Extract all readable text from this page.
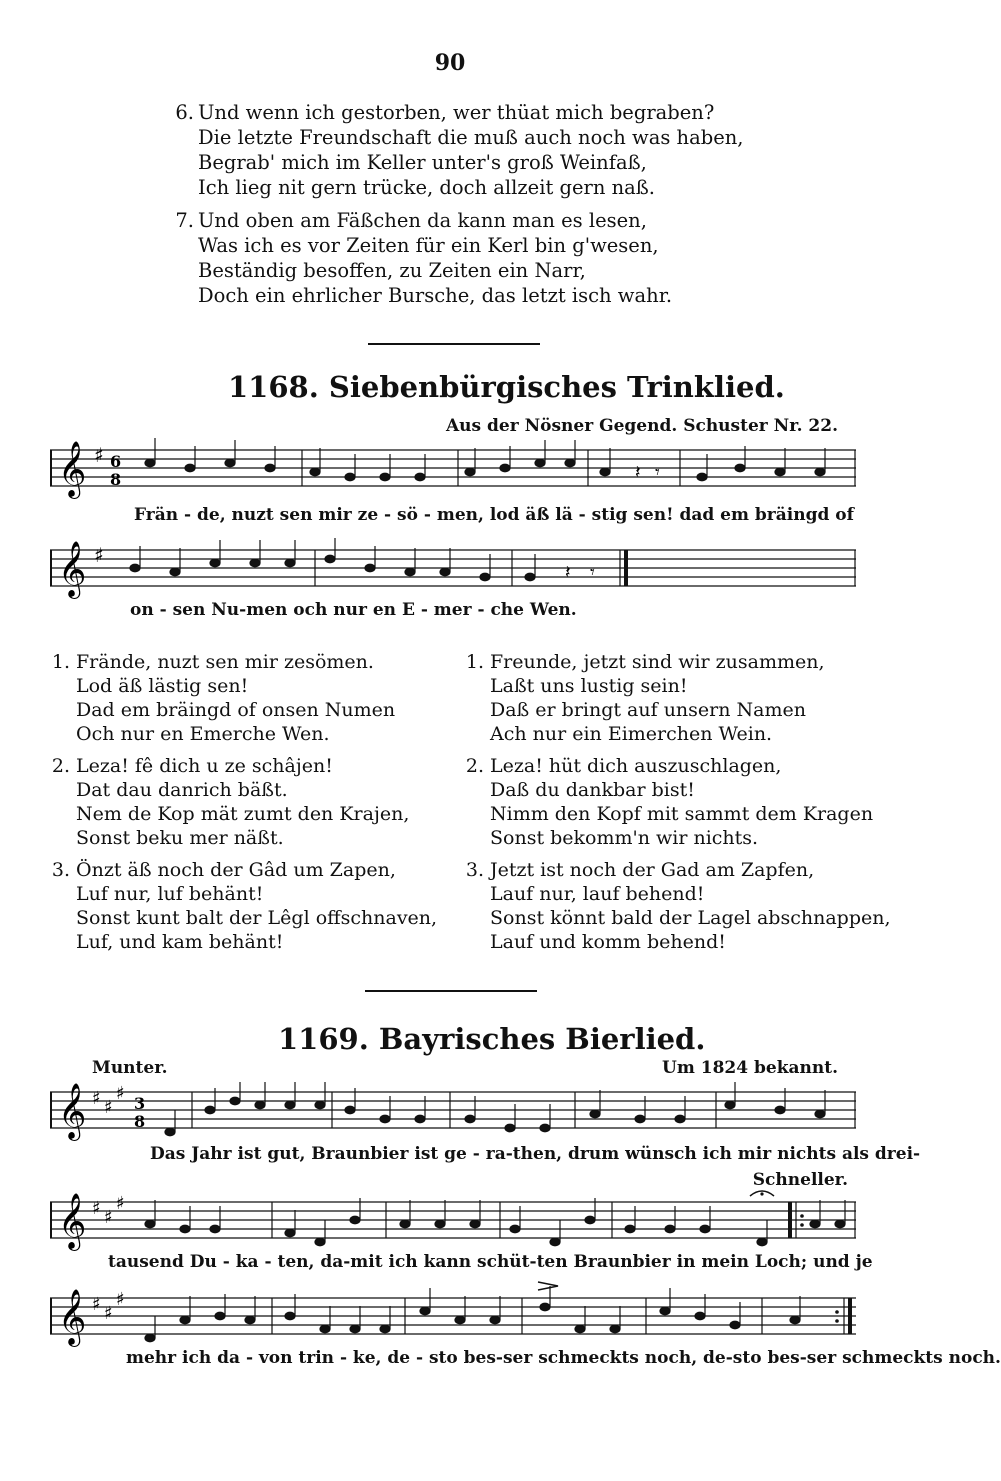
90
6. Und wenn ich gestorben, wer thüat mich begraben?
Die letzte Freundschaft die muß auch noch was haben,
Begrab' mich im Keller unter's groß Weinfaß,
Ich lieg nit gern trücke, doch allzeit gern naß.
7. Und oben am Fäßchen da kann man es lesen,
Was ich es vor Zeiten für ein Kerl bin g'wesen,
Beständig besoffen, zu Zeiten ein Narr,
Doch ein ehrlicher Bursche, das letzt isch wahr.
1168. Siebenbürgisches Trinklied.
Aus der Nösner Gegend. Schuster Nr. 22.
𝄞 ♯ 6
8	𝄽 𝄾
Frän - de, nuzt sen mir ze - sö - men, lod äß lä - stig sen! dad em bräingd of
𝄞 ♯
𝄽 𝄾
on - sen Nu-men och nur en E - mer - che Wen.
1. Frände, nuzt sen mir zesömen.
Lod äß lästig sen!
Dad em bräingd of onsen Numen
Och nur en Emerche Wen.
2. Leza! fê dich u ze schâjen!
Dat dau danrich bäßt.
Nem de Kop mät zumt den Krajen,
Sonst beku mer näßt.
3. Önzt äß noch der Gâd um Zapen,
Luf nur, luf behänt!
Sonst kunt balt der Lêgl offschnaven,
Luf, und kam behänt!
1. Freunde, jetzt sind wir zusammen,
Laßt uns lustig sein!
Daß er bringt auf unsern Namen
Ach nur ein Eimerchen Wein.
2. Leza! hüt dich auszuschlagen,
Daß du dankbar bist!
Nimm den Kopf mit sammt dem Kragen
Sonst bekomm'n wir nichts.
3. Jetzt ist noch der Gad am Zapfen,
Lauf nur, lauf behend!
Sonst könnt bald der Lagel abschnappen,
Lauf und komm behend!
1169. Bayrisches Bierlied.
Munter.	Um 1824 bekannt.
𝄞 ♯ ♯
♯ 3
8
Das Jahr ist gut, Braunbier ist ge - ra-then, drum wünsch ich mir nichts als drei-
Schneller.
𝄞 ♯ ♯
♯
tausend Du - ka - ten, da-mit ich kann schüt-ten Braunbier in mein Loch; und je
𝄞 ♯ ♯
♯
mehr ich da - von trin - ke, de - sto bes-ser schmeckts noch, de-sto bes-ser schmeckts noch.
